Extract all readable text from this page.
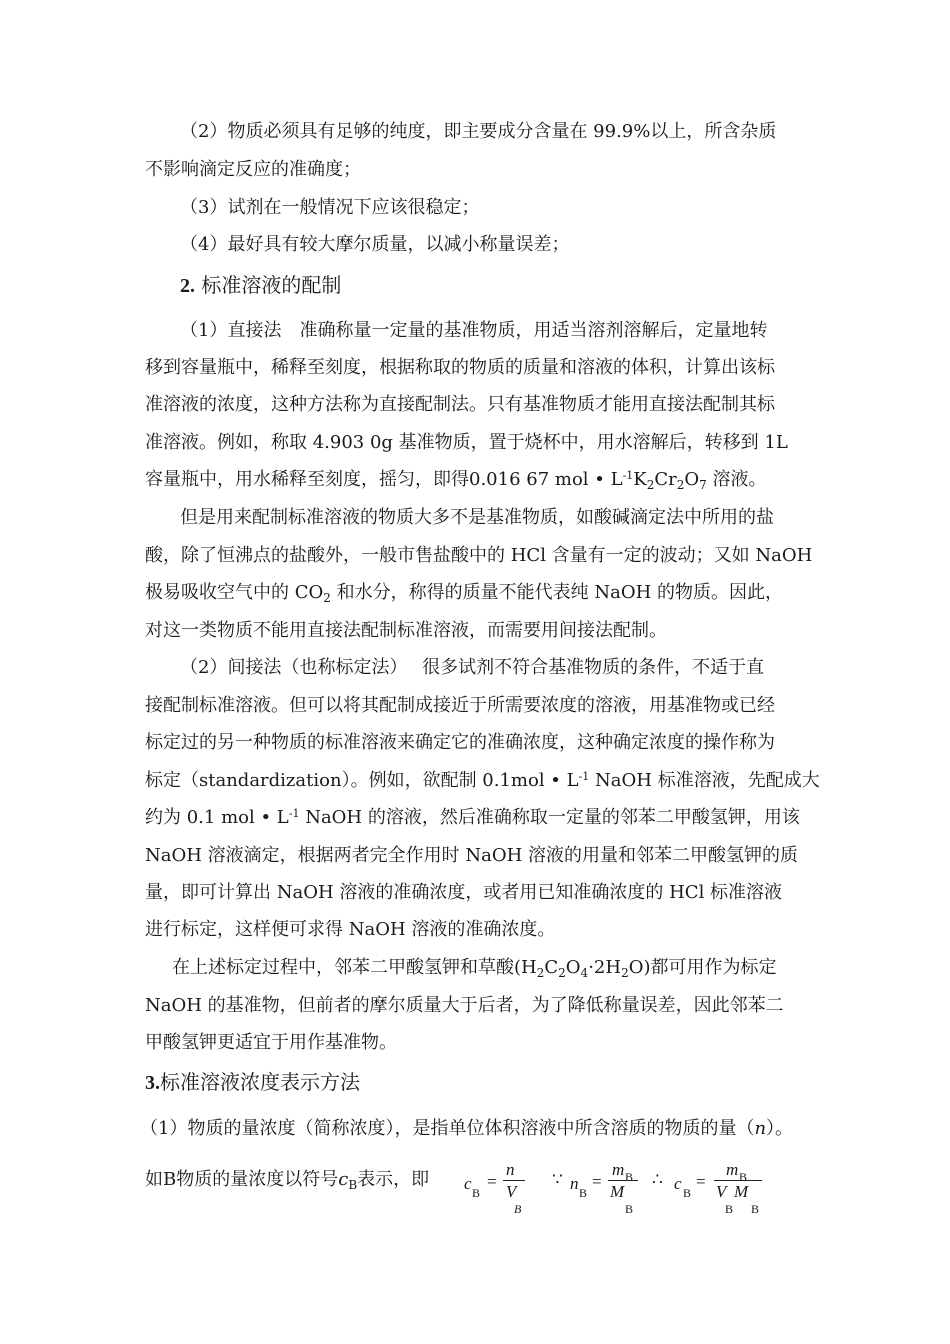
（2）物质必须具有足够的纯度，即主要成分含量在 99.9%以上，所含杂质
不影响滴定反应的准确度；
（3）试剂在一般情况下应该很稳定；
（4）最好具有较大摩尔质量，以减小称量误差；
2. 标准溶液的配制
（1）直接法　准确称量一定量的基准物质，用适当溶剂溶解后，定量地转
移到容量瓶中，稀释至刻度，根据称取的物质的质量和溶液的体积，计算出该标
准溶液的浓度，这种方法称为直接配制法。只有基准物质才能用直接法配制其标
准溶液。例如，称取 4.903 0g 基准物质，置于烧杯中，用水溶解后，转移到 1L
容量瓶中，用水稀释至刻度，摇匀，即得0.016 67 mol • $L^{-1}K_2Cr_2O_7$ 溶液。
但是用来配制标准溶液的物质大多不是基准物质，如酸碱滴定法中所用的盐
酸，除了恒沸点的盐酸外，一般市售盐酸中的 HCl 含量有一定的波动；又如 NaOH
极易吸收空气中的 $CO_2$ 和水分，称得的质量不能代表纯 NaOH 的物质。因此，
对这一类物质不能用直接法配制标准溶液，而需要用间接法配制。
（2）间接法（也称标定法）　 很多试剂不符合基准物质的条件，不适于直
接配制标准溶液。但可以将其配制成接近于所需要浓度的溶液，用基准物或已经
标定过的另一种物质的标准溶液来确定它的准确浓度，这种确定浓度的操作称为
标定（standardization）。例如，欲配制 0.1mol • $L^{-1}$ NaOH 标准溶液，先配成大
约为 0.1 mol • $L^{-1}$ NaOH 的溶液，然后准确称取一定量的邻苯二甲酸氢钾，用该
NaOH 溶液滴定，根据两者完全作用时 NaOH 溶液的用量和邻苯二甲酸氢钾的质
量，即可计算出 NaOH 溶液的准确浓度，或者用已知准确浓度的 HCl 标准溶液
进行标定，这样便可求得 NaOH 溶液的准确浓度。
在上述标定过程中，邻苯二甲酸氢钾和草酸$(H_2C_2O_4\cdot 2H_2O)$都可用作为标定
NaOH 的基准物，但前者的摩尔质量大于后者，为了降低称量误差，因此邻苯二
甲酸氢钾更适宜于用作基准物。
3.标准溶液浓度表示方法
（1）物质的量浓度（简称浓度），是指单位体积溶液中所含溶质的物质的量（n）。
如B物质的量浓度以符号$c_B$表示，即	c B
=
n
V
B
∵ n B
=
m B
M
B
∴ c B
=
m B
V
B
M
B
